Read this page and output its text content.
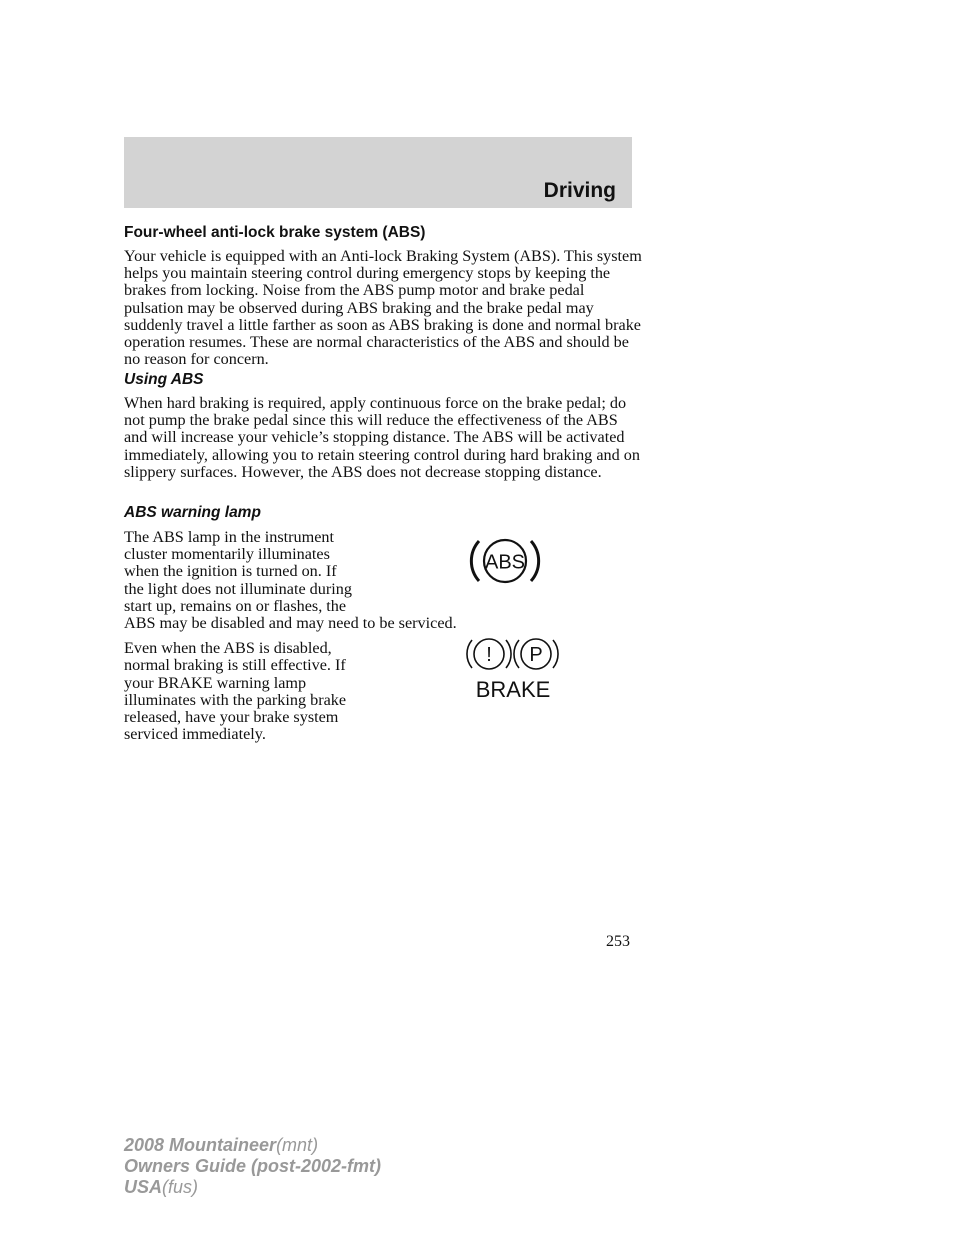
Driving
Four-wheel anti-lock brake system (ABS)

Your vehicle is equipped with an Anti-lock Braking System (ABS). This system helps you maintain steering control during emergency stops by keeping the brakes from locking. Noise from the ABS pump motor and brake pedal pulsation may be observed during ABS braking and the brake pedal may suddenly travel a little farther as soon as ABS braking is done and normal brake operation resumes. These are normal characteristics of the ABS and should be no reason for concern.

Using ABS

When hard braking is required, apply continuous force on the brake pedal; do not pump the brake pedal since this will reduce the effectiveness of the ABS and will increase your vehicle’s stopping distance. The ABS will be activated immediately, allowing you to retain steering control during hard braking and on slippery surfaces. However, the ABS does not decrease stopping distance.

ABS warning lamp

The ABS lamp in the instrument
cluster momentarily illuminates
when the ignition is turned on. If
the light does not illuminate during
start up, remains on or flashes, the
ABS may be disabled and may need to be serviced.

Even when the ABS is disabled,
normal braking is still effective. If
your BRAKE warning lamp
illuminates with the parking brake
released, have your brake system
serviced immediately.

ABS
! P
BRAKE
253
2008 Mountaineer(mnt)
Owners Guide (post-2002-fmt)
USA(fus)
